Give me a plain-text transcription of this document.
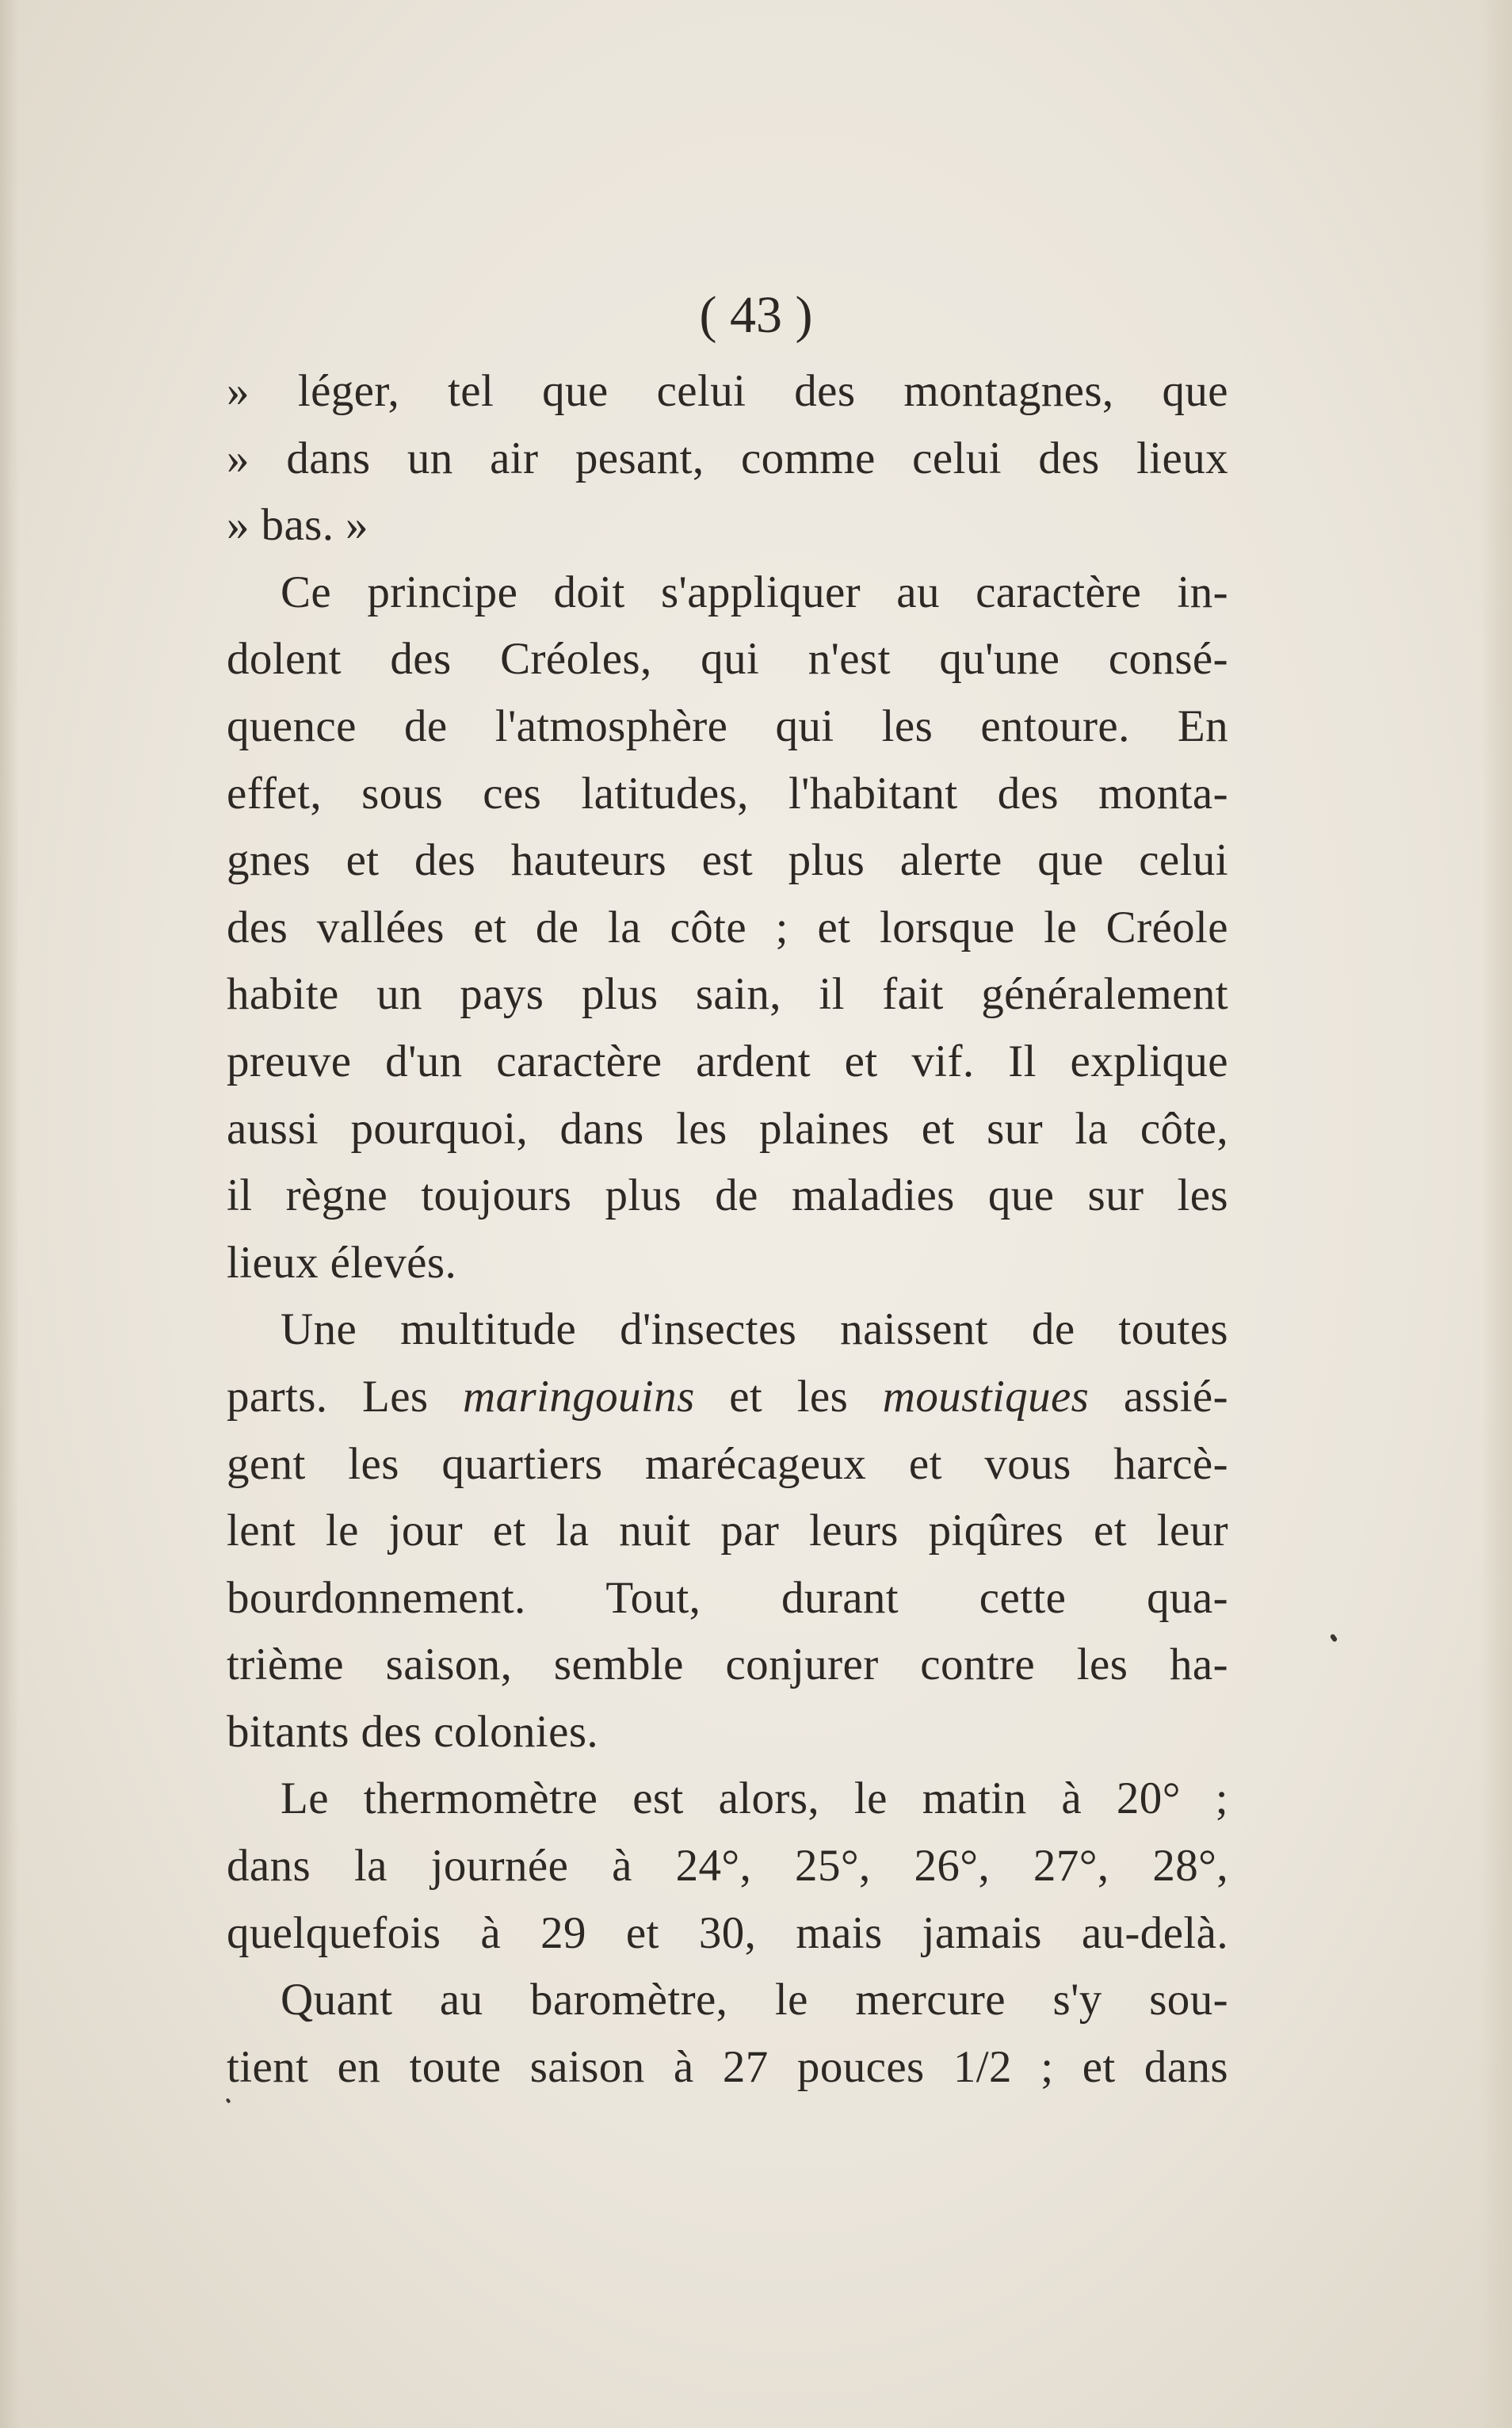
( 43 )
» léger, tel que celui des montagnes, que
» dans un air pesant, comme celui des lieux
» bas. »
Ce principe doit s'appliquer au caractère in-
dolent des Créoles, qui n'est qu'une consé-
quence de l'atmosphère qui les entoure. En
effet, sous ces latitudes, l'habitant des monta-
gnes et des hauteurs est plus alerte que celui
des vallées et de la côte ; et lorsque le Créole
habite un pays plus sain, il fait généralement
preuve d'un caractère ardent et vif. Il explique
aussi pourquoi, dans les plaines et sur la côte,
il règne toujours plus de maladies que sur les
lieux élevés.
Une multitude d'insectes naissent de toutes
parts. Les maringouins et les moustiques assié-
gent les quartiers marécageux et vous harcè-
lent le jour et la nuit par leurs piqûres et leur
bourdonnement. Tout, durant cette qua-
trième saison, semble conjurer contre les ha-
bitants des colonies.
Le thermomètre est alors, le matin à 20° ;
dans la journée à 24°, 25°, 26°, 27°, 28°,
quelquefois à 29 et 30, mais jamais au-delà.
Quant au baromètre, le mercure s'y sou-
tient en toute saison à 27 pouces 1/2 ; et dans
